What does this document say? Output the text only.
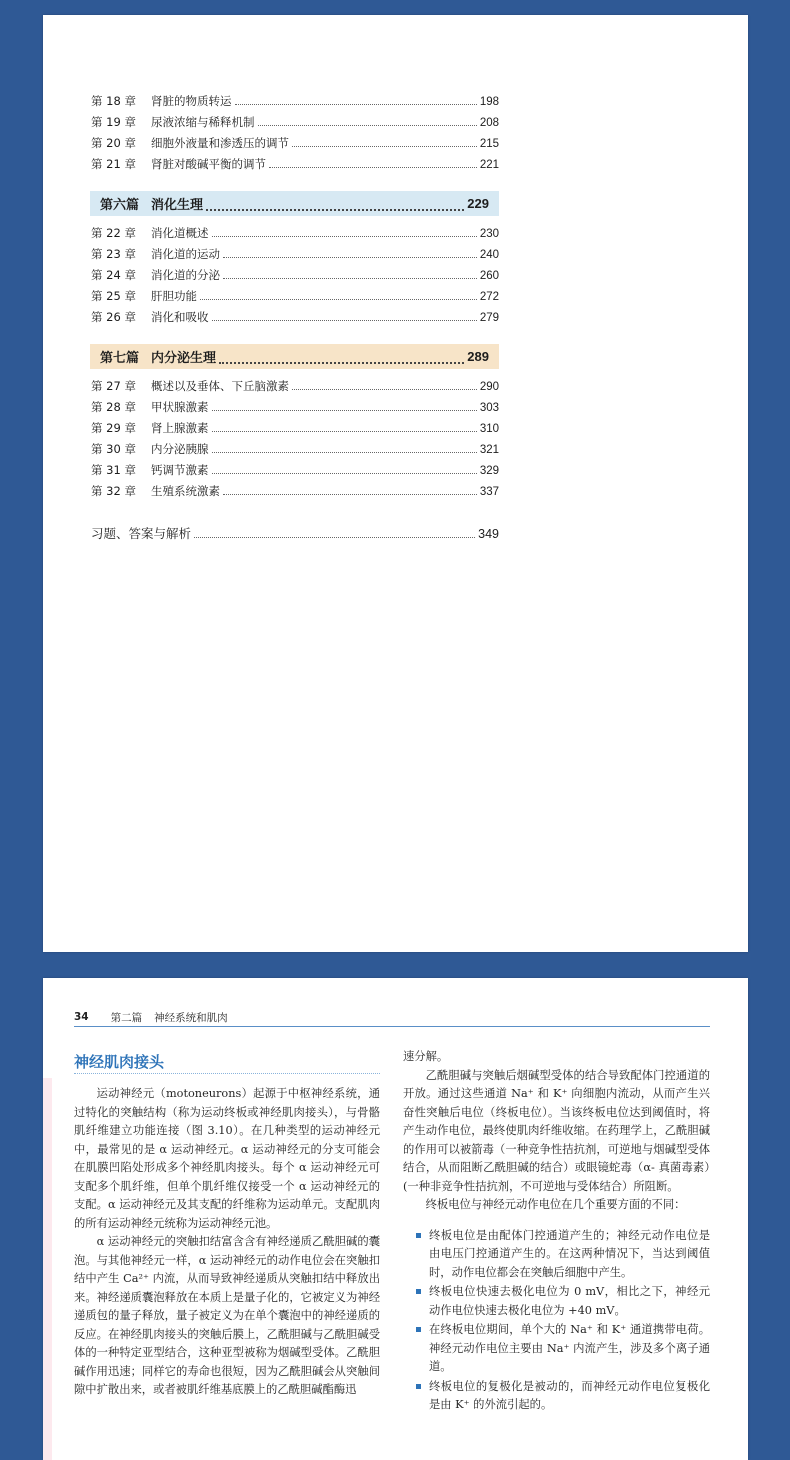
第 18 章	肾脏的物质转运	198
第 19 章	尿液浓缩与稀释机制	208
第 20 章	细胞外液量和渗透压的调节	215
第 21 章	肾脏对酸碱平衡的调节	221
第六篇 消化生理	229
第 22 章	消化道概述	230
第 23 章	消化道的运动	240
第 24 章	消化道的分泌	260
第 25 章	肝胆功能	272
第 26 章	消化和吸收	279
第七篇 内分泌生理	289
第 27 章	概述以及垂体、下丘脑激素	290
第 28 章	甲状腺激素	303
第 29 章	肾上腺激素	310
第 30 章	内分泌胰腺	321
第 31 章	钙调节激素	329
第 32 章	生殖系统激素	337
习题、答案与解析	349
34 第二篇 神经系统和肌肉
神经肌肉接头

运动神经元（motoneurons）起源于中枢神经系统，通过特化的突触结构（称为运动终板或神经肌肉接头），与骨骼肌纤维建立功能连接（图 3.10）。在几种类型的运动神经元中，最常见的是 α 运动神经元。α 运动神经元的分支可能会在肌膜凹陷处形成多个神经肌肉接头。每个 α 运动神经元可支配多个肌纤维，但单个肌纤维仅接受一个 α 运动神经元的支配。α 运动神经元及其支配的纤维称为运动单元。支配肌肉的所有运动神经元统称为运动神经元池。

α 运动神经元的突触扣结富含含有神经递质乙酰胆碱的囊泡。与其他神经元一样，α 运动神经元的动作电位会在突触扣结中产生 Ca²⁺ 内流，从而导致神经递质从突触扣结中释放出来。神经递质囊泡释放在本质上是量子化的，它被定义为神经递质包的量子释放，量子被定义为在单个囊泡中的神经递质的反应。在神经肌肉接头的突触后膜上，乙酰胆碱与乙酰胆碱受体的一种特定亚型结合，这种亚型被称为烟碱型受体。乙酰胆碱作用迅速；同样它的寿命也很短，因为乙酰胆碱会从突触间隙中扩散出来，或者被肌纤维基底膜上的乙酰胆碱酯酶迅

速分解。

乙酰胆碱与突触后烟碱型受体的结合导致配体门控通道的开放。通过这些通道 Na⁺ 和 K⁺ 向细胞内流动，从而产生兴奋性突触后电位（终板电位）。当该终板电位达到阈值时，将产生动作电位，最终使肌肉纤维收缩。在药理学上，乙酰胆碱的作用可以被箭毒（一种竞争性拮抗剂，可逆地与烟碱型受体结合，从而阻断乙酰胆碱的结合）或眼镜蛇毒（α- 真菌毒素）(一种非竞争性拮抗剂，不可逆地与受体结合）所阻断。

终板电位与神经元动作电位在几个重要方面的不同：

终板电位是由配体门控通道产生的；神经元动作电位是由电压门控通道产生的。在这两种情况下，当达到阈值时，动作电位都会在突触后细胞中产生。
终板电位快速去极化电位为 0 mV，相比之下，神经元动作电位快速去极化电位为 +40 mV。
在终板电位期间，单个大的 Na⁺ 和 K⁺ 通道携带电荷。神经元动作电位主要由 Na⁺ 内流产生，涉及多个离子通道。
终板电位的复极化是被动的，而神经元动作电位复极化是由 K⁺ 的外流引起的。
